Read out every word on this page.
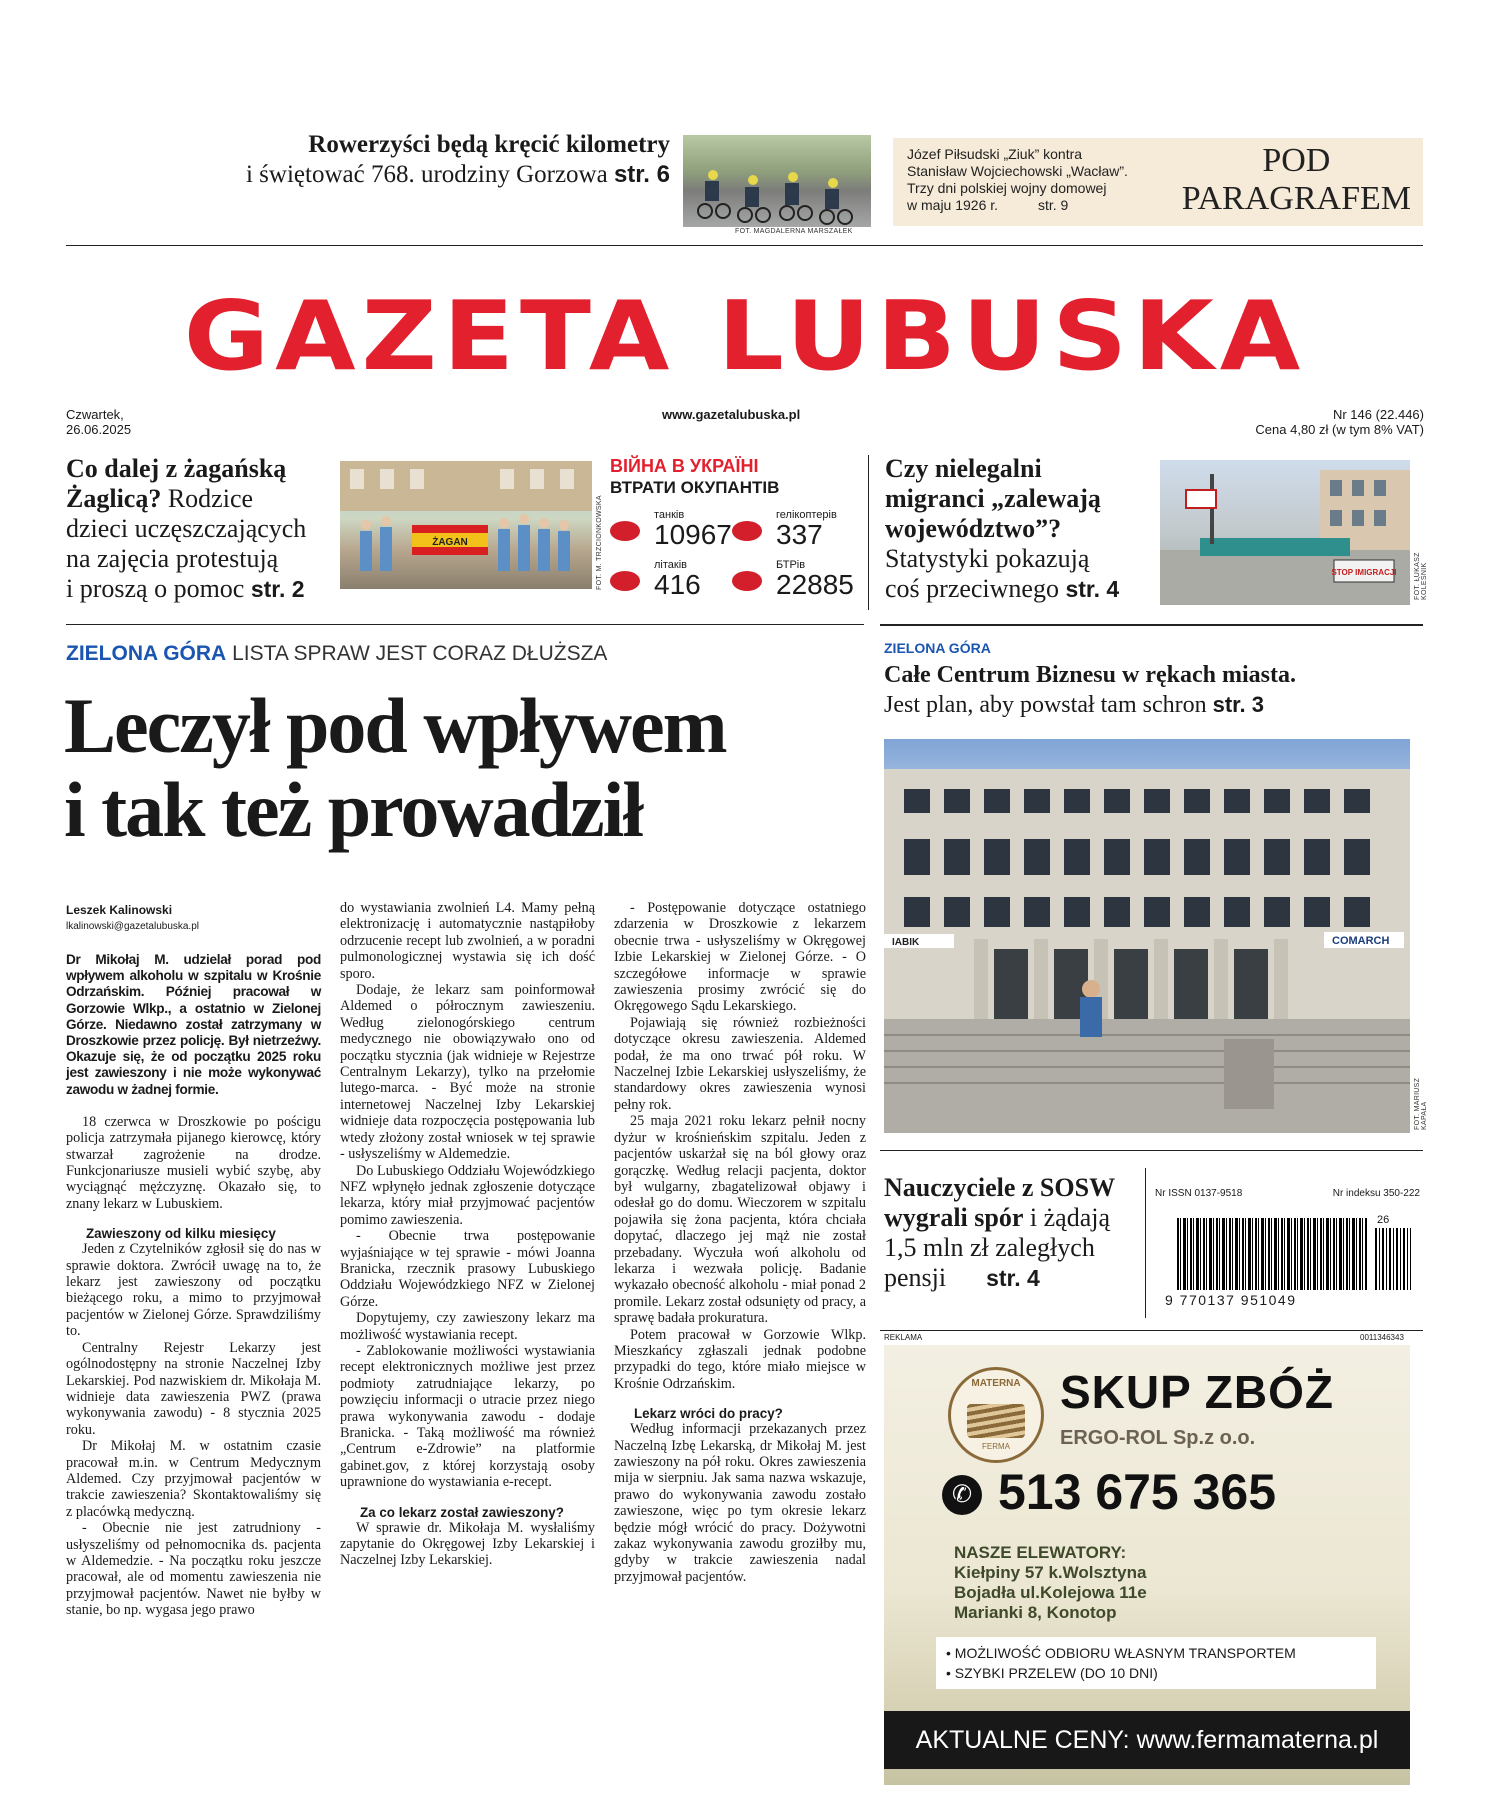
Rowerzyści będą kręcić kilometry
i świętować 768. urodziny Gorzowa str. 6
FOT. MAGDALERNA MARSZAŁEK
Józef Piłsudski „Ziuk” kontra
Stanisław Wojciechowski „Wacław”.
Trzy dni polskiej wojny domowej
w maju 1926 r.	str. 9
POD
PARAGRAFEM
GAZETA LUBUSKA
Czwartek,
26.06.2025
www.gazetalubuska.pl	Nr 146 (22.446)
Cena 4,80 zł (w tym 8% VAT)
Co dalej z żagańską
Żaglicą? Rodzice
dzieci uczęszczających
na zajęcia protestują
i proszą o pomoc str. 2
ŻAGAN	FOT. M. TRZCIONKOWSKA
ВІЙНА В УКРАЇНІ
ВТРАТИ ОКУПАНТІВ
танків
10967
гелікоптерів
337
літаків
416
БТРів
22885
Czy nielegalni
migranci „zalewają
województwo”?
Statystyki pokazują
coś przeciwnego str. 4
STOP IMIGRACJI FOT. ŁUKASZ KOLEŚNIK
ZIELONA GÓRA LISTA SPRAW JEST CORAZ DŁUŻSZA
Leczył pod wpływem
i tak też prowadził
Leszek Kalinowski
lkalinowski@gazetalubuska.pl

Dr Mikołaj M. udzielał porad pod wpływem alkoholu w szpitalu w Krośnie Odrzańskim. Później pracował w Gorzowie Wlkp., a ostatnio w Zielonej Górze. Niedawno został zatrzymany w Droszkowie przez policję. Był nietrzeźwy. Okazuje się, że od początku 2025 roku jest zawieszony i nie może wykonywać zawodu w żadnej formie.

18 czerwca w Droszkowie po pościgu policja zatrzymała pijanego kierowcę, który stwarzał zagrożenie na drodze. Funkcjonariusze musieli wybić szybę, aby wyciągnąć mężczyznę. Okazało się, to znany lekarz w Lubuskiem.

Zawieszony od kilku miesięcy

Jeden z Czytelników zgłosił się do nas w sprawie doktora. Zwrócił uwagę na to, że lekarz jest zawieszony od początku bieżącego roku, a mimo to przyjmował pacjentów w Zielonej Górze. Sprawdziliśmy to.

Centralny Rejestr Lekarzy jest ogólnodostępny na stronie Naczelnej Izby Lekarskiej. Pod nazwiskiem dr. Mikołaja M. widnieje data zawieszenia PWZ (prawa wykonywania zawodu) - 8 stycznia 2025 roku.

Dr Mikołaj M. w ostatnim czasie pracował m.in. w Centrum Medycznym Aldemed. Czy przyjmował pacjentów w trakcie zawieszenia? Skontaktowaliśmy się z placówką medyczną.

- Obecnie nie jest zatrudniony - usłyszeliśmy od pełnomocnika ds. pacjenta w Aldemedzie. - Na początku roku jeszcze pracował, ale od momentu zawieszenia nie przyjmował pacjentów. Nawet nie byłby w stanie, bo np. wygasa jego prawo

do wystawiania zwolnień L4. Mamy pełną elektronizację i automatycznie nastąpiłoby odrzucenie recept lub zwolnień, a w poradni pulmonologicznej wystawia się ich dość sporo.

Dodaje, że lekarz sam poinformował Aldemed o półrocznym zawieszeniu. Według zielonogórskiego centrum medycznego nie obowiązywało ono od początku stycznia (jak widnieje w Rejestrze Centralnym Lekarzy), tylko na przełomie lutego-marca. - Być może na stronie internetowej Naczelnej Izby Lekarskiej widnieje data rozpoczęcia postępowania lub wtedy złożony został wniosek w tej sprawie - usłyszeliśmy w Aldemedzie.

Do Lubuskiego Oddziału Wojewódzkiego NFZ wpłynęło jednak zgłoszenie dotyczące lekarza, który miał przyjmować pacjentów pomimo zawieszenia.

- Obecnie trwa postępowanie wyjaśniające w tej sprawie - mówi Joanna Branicka, rzecznik prasowy Lubuskiego Oddziału Wojewódzkiego NFZ w Zielonej Górze.

Dopytujemy, czy zawieszony lekarz ma możliwość wystawiania recept.

- Zablokowanie możliwości wystawiania recept elektronicznych możliwe jest przez podmioty zatrudniające lekarzy, po powzięciu informacji o utracie przez niego prawa wykonywania zawodu - dodaje Branicka. - Taką możliwość ma również „Centrum e-Zdrowie” na platformie gabinet.gov, z której korzystają osoby uprawnione do wystawiania e-recept.

Za co lekarz został zawieszony?

W sprawie dr. Mikołaja M. wysłaliśmy zapytanie do Okręgowej Izby Lekarskiej i Naczelnej Izby Lekarskiej.

- Postępowanie dotyczące ostatniego zdarzenia w Droszkowie z lekarzem obecnie trwa - usłyszeliśmy w Okręgowej Izbie Lekarskiej w Zielonej Górze. - O szczegółowe informacje w sprawie zawieszenia prosimy zwrócić się do Okręgowego Sądu Lekarskiego.

Pojawiają się również rozbieżności dotyczące okresu zawieszenia. Aldemed podał, że ma ono trwać pół roku. W Naczelnej Izbie Lekarskiej usłyszeliśmy, że standardowy okres zawieszenia wynosi pełny rok.

25 maja 2021 roku lekarz pełnił nocny dyżur w krośnieńskim szpitalu. Jeden z pacjentów uskarżał się na ból głowy oraz gorączkę. Według relacji pacjenta, doktor był wulgarny, zbagatelizował objawy i odesłał go do domu. Wieczorem w szpitalu pojawiła się żona pacjenta, która chciała dopytać, dlaczego jej mąż nie został przebadany. Wyczuła woń alkoholu od lekarza i wezwała policję. Badanie wykazało obecność alkoholu - miał ponad 2 promile. Lekarz został odsunięty od pracy, a sprawę badała prokuratura.

Potem pracował w Gorzowie Wlkp. Mieszkańcy zgłaszali jednak podobne przypadki do tego, które miało miejsce w Krośnie Odrzańskim.

Lekarz wróci do pracy?

Według informacji przekazanych przez Naczelną Izbę Lekarską, dr Mikołaj M. jest zawieszony na pół roku. Okres zawieszenia mija w sierpniu. Jak sama nazwa wskazuje, prawo do wykonywania zawodu zostało zawieszone, więc po tym okresie lekarz będzie mógł wrócić do pracy. Dożywotni zakaz wykonywania zawodu groziłby mu, gdyby w trakcie zawieszenia nadal przyjmował pacjentów.

ZIELONA GÓRA
Całe Centrum Biznesu w rękach miasta.
Jest plan, aby powstał tam schron str. 3
IABIK	COMARCH
FOT. MARIUSZ KAPAŁA
Nauczyciele z SOSW
wygrali spór i żądają
1,5 mln zł zaległych
pensji str. 4
Nr ISSN 0137-9518	Nr indeksu 350-222
26
9 770137 951049
REKLAMA	0011346343
MATERNA
FERMA
SKUP ZBÓŻ
ERGO-ROL Sp.z o.o.
✆ 513 675 365
NASZE ELEWATORY:
Kiełpiny 57 k.Wolsztyna
Bojadła ul.Kolejowa 11e
Marianki 8, Konotop
• MOŻLIWOŚĆ ODBIORU WŁASNYM TRANSPORTEM
• SZYBKI PRZELEW (DO 10 DNI)
AKTUALNE CENY: www.fermamaterna.pl
